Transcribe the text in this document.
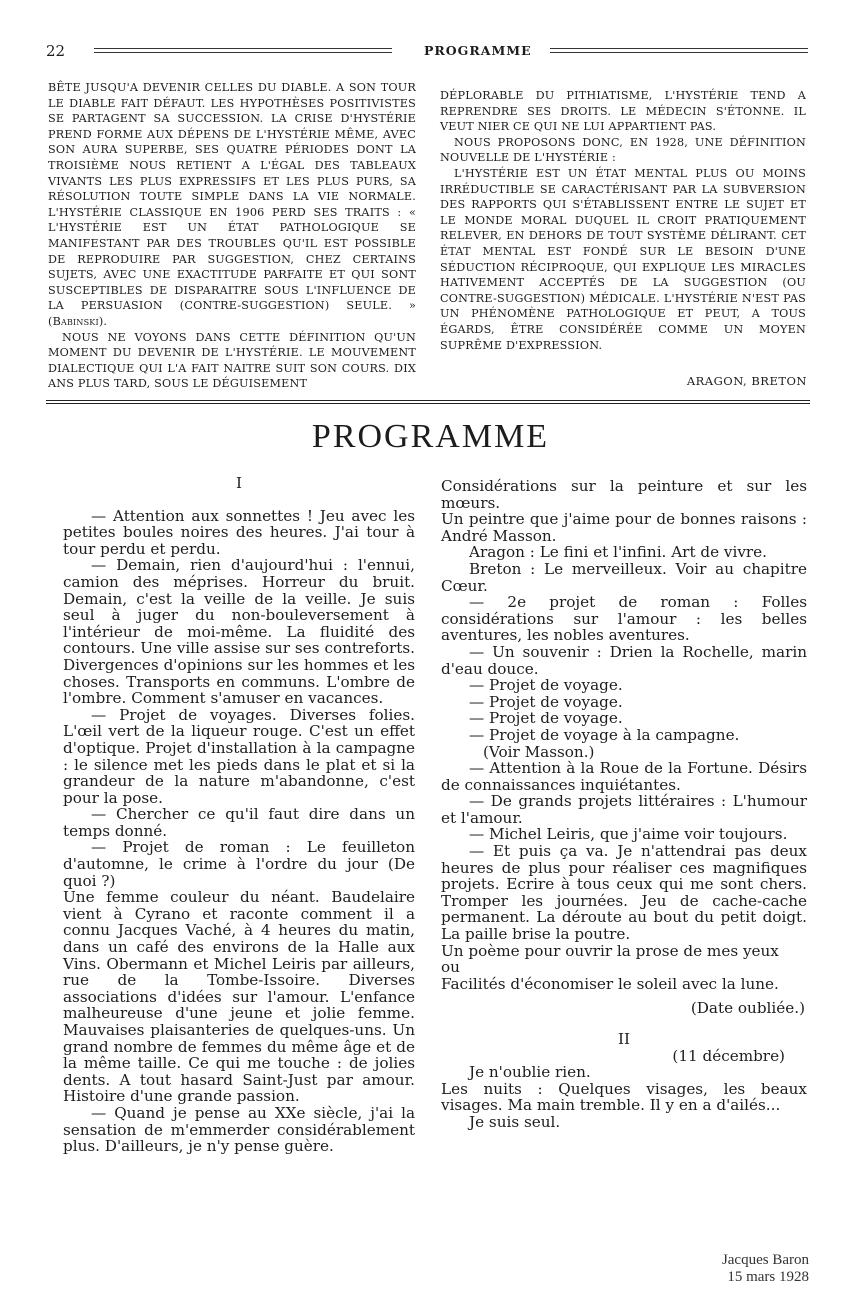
22	PROGRAMME

BÊTE JUSQU'A DEVENIR CELLES DU DIABLE. A SON TOUR LE DIABLE FAIT DÉFAUT. LES HYPOTHÈSES POSITIVISTES SE PARTAGENT SA SUCCESSION. LA CRISE D'HYSTÉRIE PREND FORME AUX DÉPENS DE L'HYSTÉRIE MÊME, AVEC SON AURA SUPERBE, SES QUATRE PÉRIODES DONT LA TROISIÈME NOUS RETIENT A L'ÉGAL DES TABLEAUX VIVANTS LES PLUS EXPRESSIFS ET LES PLUS PURS, SA RÉSOLUTION TOUTE SIMPLE DANS LA VIE NORMALE. L'HYSTÉRIE CLASSIQUE EN 1906 PERD SES TRAITS : « L'HYSTÉRIE EST UN ÉTAT PATHOLOGIQUE SE MANIFESTANT PAR DES TROUBLES QU'IL EST POSSIBLE DE REPRODUIRE PAR SUGGESTION, CHEZ CERTAINS SUJETS, AVEC UNE EXACTITUDE PARFAITE ET QUI SONT SUSCEPTIBLES DE DISPARAITRE SOUS L'INFLUENCE DE LA PERSUASION (CONTRE-SUGGESTION) SEULE. » (Babinski).

NOUS NE VOYONS DANS CETTE DÉFINITION QU'UN MOMENT DU DEVENIR DE L'HYSTÉRIE. LE MOUVEMENT DIALECTIQUE QUI L'A FAIT NAITRE SUIT SON COURS. DIX ANS PLUS TARD, SOUS LE DÉGUISEMENT

DÉPLORABLE DU PITHIATISME, L'HYSTÉRIE TEND A REPRENDRE SES DROITS. LE MÉDECIN S'ÉTONNE. IL VEUT NIER CE QUI NE LUI APPARTIENT PAS.

NOUS PROPOSONS DONC, EN 1928, UNE DÉFINITION NOUVELLE DE L'HYSTÉRIE :

L'HYSTÉRIE EST UN ÉTAT MENTAL PLUS OU MOINS IRRÉDUCTIBLE SE CARACTÉRISANT PAR LA SUBVERSION DES RAPPORTS QUI S'ÉTABLISSENT ENTRE LE SUJET ET LE MONDE MORAL DUQUEL IL CROIT PRATIQUEMENT RELEVER, EN DEHORS DE TOUT SYSTÈME DÉLIRANT. CET ÉTAT MENTAL EST FONDÉ SUR LE BESOIN D'UNE SÉDUCTION RÉCIPROQUE, QUI EXPLIQUE LES MIRACLES HATIVEMENT ACCEPTÉS DE LA SUGGESTION (OU CONTRE-SUGGESTION) MÉDICALE. L'HYSTÉRIE N'EST PAS UN PHÉNOMÈNE PATHOLOGIQUE ET PEUT, A TOUS ÉGARDS, ÊTRE CONSIDÉRÉE COMME UN MOYEN SUPRÊME D'EXPRESSION.

ARAGON, BRETON
PROGRAMME

I

— Attention aux sonnettes ! Jeu avec les petites boules noires des heures. J'ai tour à tour perdu et perdu.

— Demain, rien d'aujourd'hui : l'ennui, camion des méprises. Horreur du bruit. Demain, c'est la veille de la veille. Je suis seul à juger du non-bouleversement à l'intérieur de moi-même. La fluidité des contours. Une ville assise sur ses contreforts. Divergences d'opinions sur les hommes et les choses. Transports en communs. L'ombre de l'ombre. Comment s'amuser en vacances.

— Projet de voyages. Diverses folies. L'œil vert de la liqueur rouge. C'est un effet d'optique. Projet d'installation à la campagne : le silence met les pieds dans le plat et si la grandeur de la nature m'abandonne, c'est pour la pose.

— Chercher ce qu'il faut dire dans un temps donné.

— Projet de roman : Le feuilleton d'automne, le crime à l'ordre du jour (De quoi ?)

Une femme couleur du néant. Baudelaire vient à Cyrano et raconte comment il a connu Jacques Vaché, à 4 heures du matin, dans un café des environs de la Halle aux Vins. Obermann et Michel Leiris par ailleurs, rue de la Tombe-Issoire. Diverses associations d'idées sur l'amour. L'enfance malheureuse d'une jeune et jolie femme. Mauvaises plaisanteries de quelques-uns. Un grand nombre de femmes du même âge et de la même taille. Ce qui me touche : de jolies dents. A tout hasard Saint-Just par amour. Histoire d'une grande passion.

— Quand je pense au XXe siècle, j'ai la sensation de m'emmerder considérablement plus. D'ailleurs, je n'y pense guère.

Considérations sur la peinture et sur les mœurs.

Un peintre que j'aime pour de bonnes raisons : André Masson.

Aragon : Le fini et l'infini. Art de vivre.

Breton : Le merveilleux. Voir au chapitre Cœur.

— 2e projet de roman : Folles considérations sur l'amour : les belles aventures, les nobles aventures.

— Un souvenir : Drien la Rochelle, marin d'eau douce.

— Projet de voyage.

— Projet de voyage.

— Projet de voyage.

— Projet de voyage à la campagne.

(Voir Masson.)

— Attention à la Roue de la Fortune. Désirs de connaissances inquiétantes.

— De grands projets littéraires : L'humour et l'amour.

— Michel Leiris, que j'aime voir toujours.

— Et puis ça va. Je n'attendrai pas deux heures de plus pour réaliser ces magnifiques projets. Ecrire à tous ceux qui me sont chers. Tromper les journées. Jeu de cache-cache permanent. La déroute au bout du petit doigt. La paille brise la poutre.

Un poème pour ouvrir la prose de mes yeux

ou

Facilités d'économiser le soleil avec la lune.

(Date oubliée.)

II

(11 décembre)

Je n'oublie rien.

Les nuits : Quelques visages, les beaux visages. Ma main tremble. Il y en a d'ailés...

Je suis seul.

Jacques Baron
15 mars 1928
